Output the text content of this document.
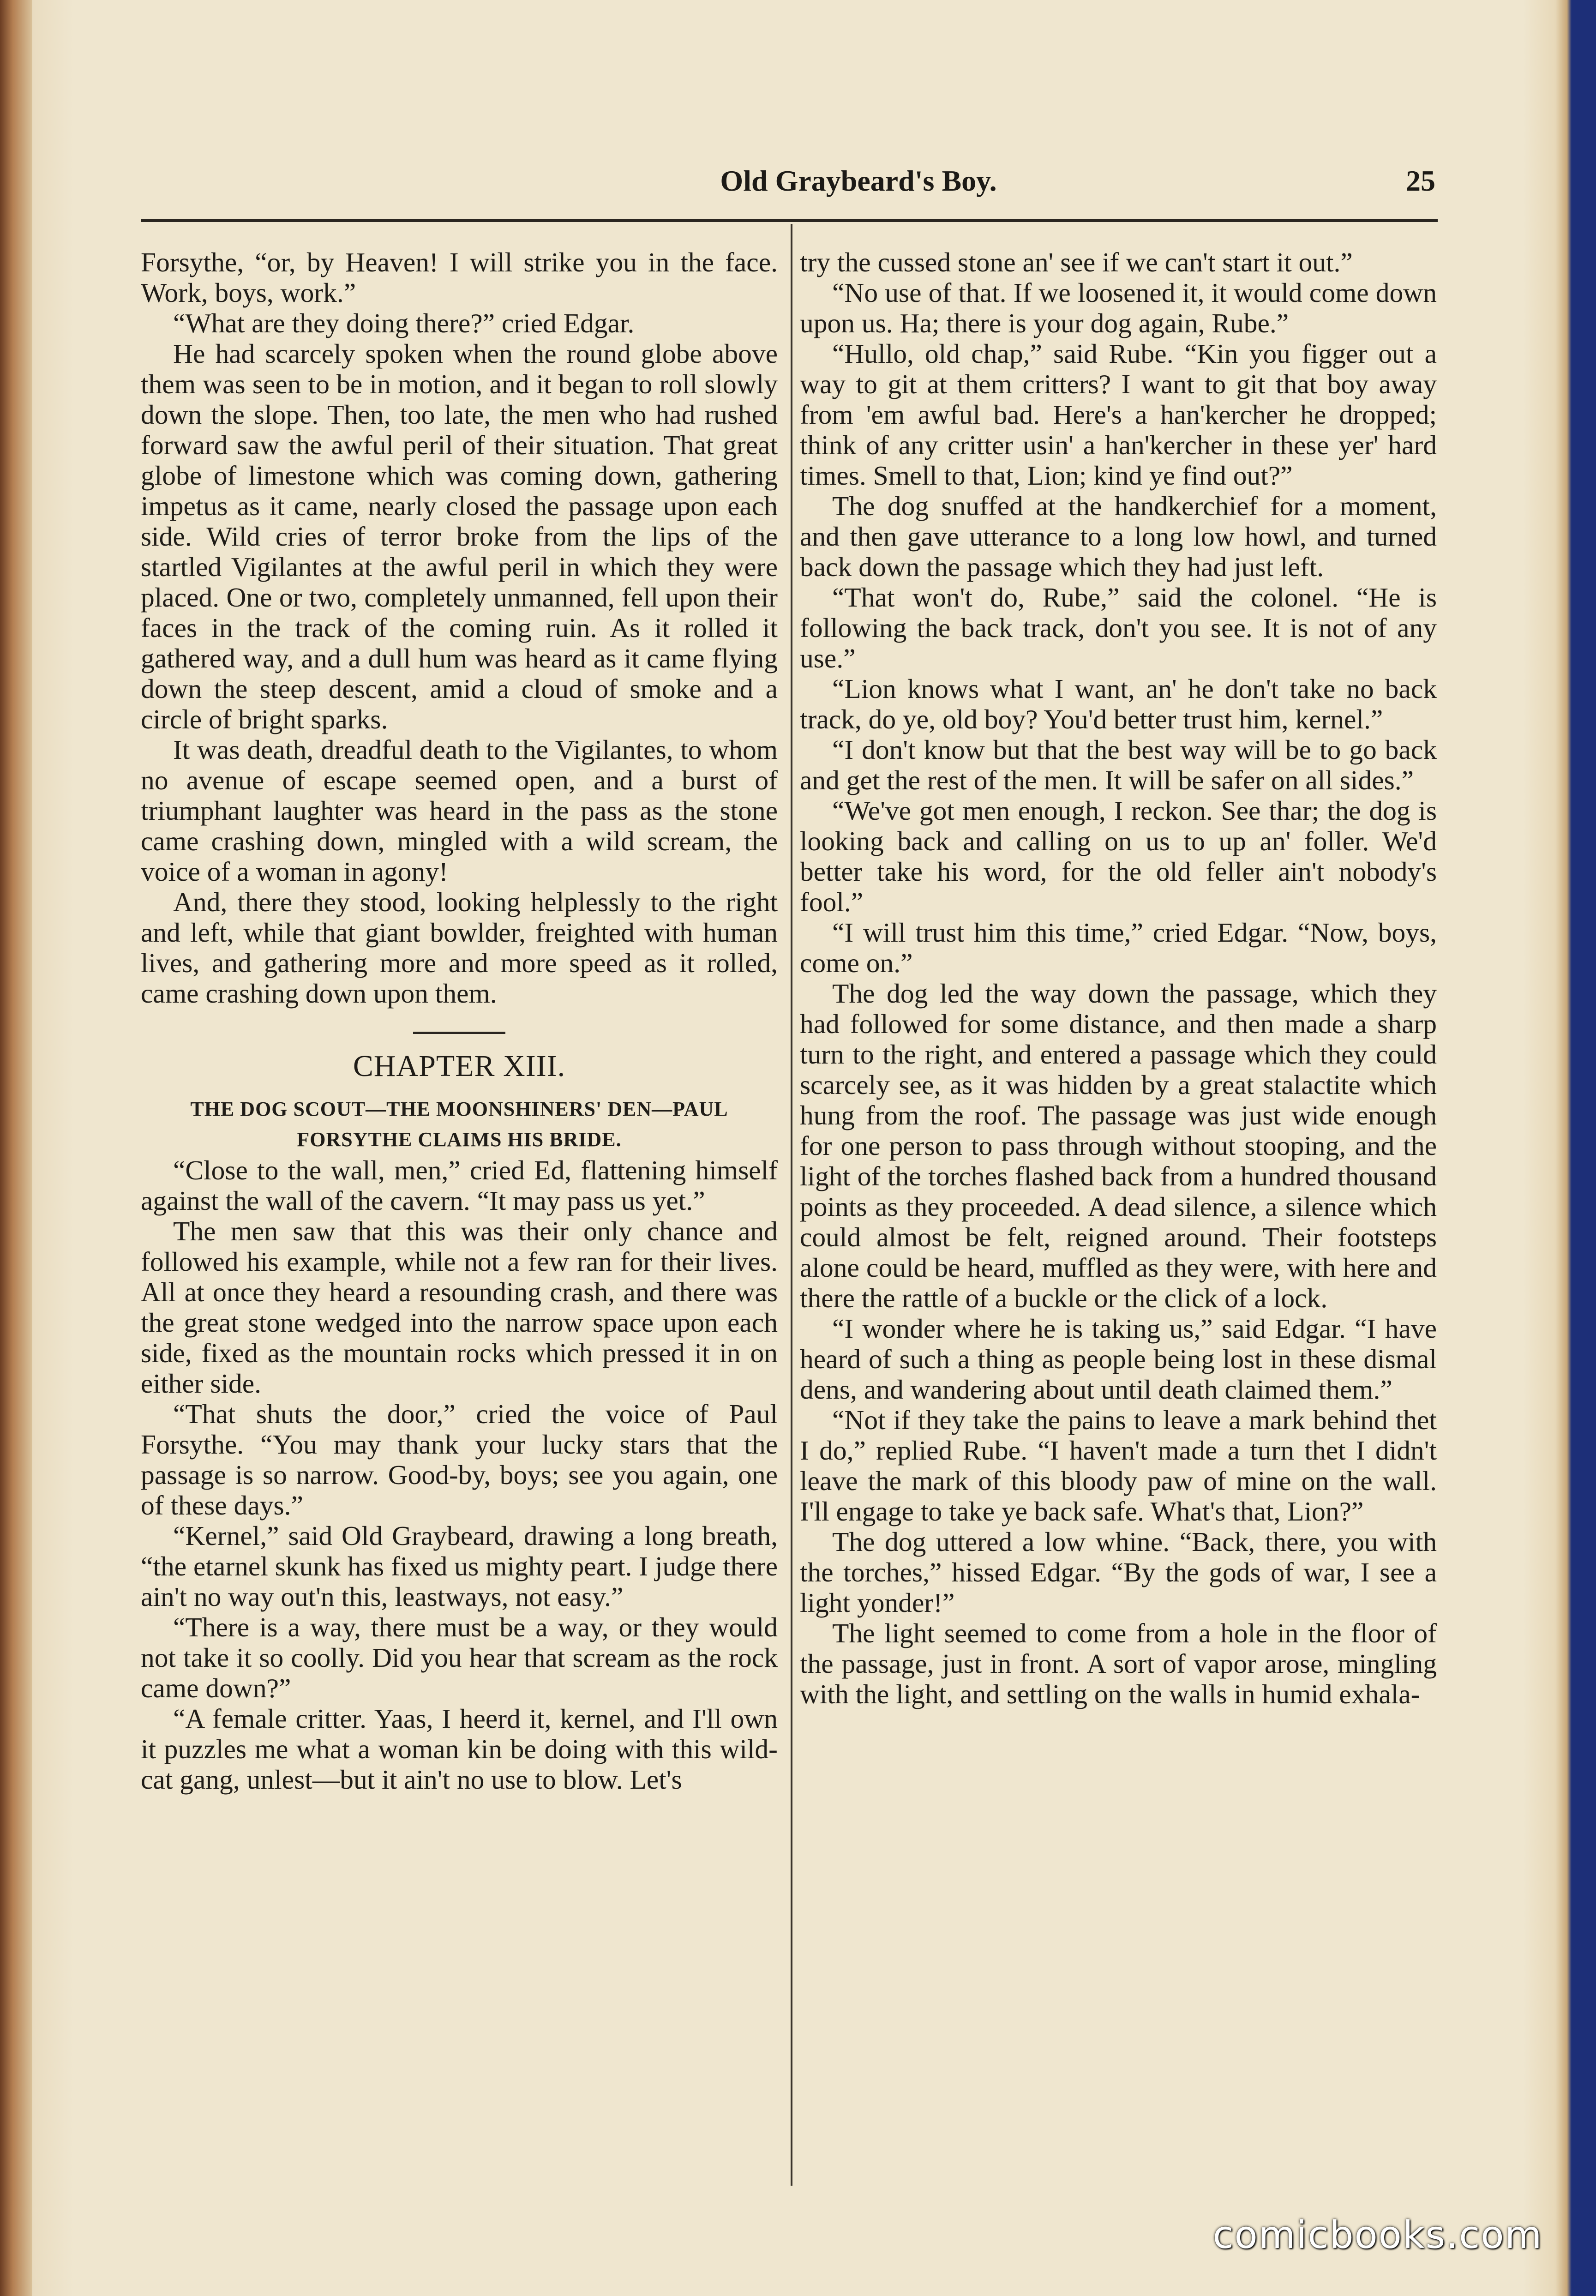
Old Graybeard's Boy.	25

Forsythe, “or, by Heaven! I will strike you in the face. Work, boys, work.”

“What are they doing there?” cried Edgar.

He had scarcely spoken when the round globe above them was seen to be in motion, and it began to roll slowly down the slope. Then, too late, the men who had rushed forward saw the awful peril of their situation. That great globe of limestone which was coming down, gathering impetus as it came, nearly closed the passage upon each side. Wild cries of terror broke from the lips of the startled Vigilantes at the awful peril in which they were placed. One or two, completely unmanned, fell upon their faces in the track of the coming ruin. As it rolled it gathered way, and a dull hum was heard as it came flying down the steep descent, amid a cloud of smoke and a circle of bright sparks.

It was death, dreadful death to the Vigilantes, to whom no avenue of escape seemed open, and a burst of triumphant laughter was heard in the pass as the stone came crashing down, mingled with a wild scream, the voice of a woman in agony!

And, there they stood, looking helplessly to the right and left, while that giant bowlder, freighted with human lives, and gathering more and more speed as it rolled, came crashing down upon them.

CHAPTER XIII.
THE DOG SCOUT—THE MOONSHINERS' DEN—PAUL FORSYTHE CLAIMS HIS BRIDE.

“Close to the wall, men,” cried Ed, flattening himself against the wall of the cavern. “It may pass us yet.”

The men saw that this was their only chance and followed his example, while not a few ran for their lives. All at once they heard a resounding crash, and there was the great stone wedged into the narrow space upon each side, fixed as the mountain rocks which pressed it in on either side.

“That shuts the door,” cried the voice of Paul Forsythe. “You may thank your lucky stars that the passage is so narrow. Good-by, boys; see you again, one of these days.”

“Kernel,” said Old Graybeard, drawing a long breath, “the etarnel skunk has fixed us mighty peart. I judge there ain't no way out'n this, leastways, not easy.”

“There is a way, there must be a way, or they would not take it so coolly. Did you hear that scream as the rock came down?”

“A female critter. Yaas, I heerd it, kernel, and I'll own it puzzles me what a woman kin be doing with this wild-cat gang, unlest—but it ain't no use to blow. Let's

try the cussed stone an' see if we can't start it out.”

“No use of that. If we loosened it, it would come down upon us. Ha; there is your dog again, Rube.”

“Hullo, old chap,” said Rube. “Kin you figger out a way to git at them critters? I want to git that boy away from 'em awful bad. Here's a han'kercher he dropped; think of any critter usin' a han'kercher in these yer' hard times. Smell to that, Lion; kind ye find out?”

The dog snuffed at the handkerchief for a moment, and then gave utterance to a long low howl, and turned back down the passage which they had just left.

“That won't do, Rube,” said the colonel. “He is following the back track, don't you see. It is not of any use.”

“Lion knows what I want, an' he don't take no back track, do ye, old boy? You'd better trust him, kernel.”

“I don't know but that the best way will be to go back and get the rest of the men. It will be safer on all sides.”

“We've got men enough, I reckon. See thar; the dog is looking back and calling on us to up an' foller. We'd better take his word, for the old feller ain't nobody's fool.”

“I will trust him this time,” cried Edgar. “Now, boys, come on.”

The dog led the way down the passage, which they had followed for some distance, and then made a sharp turn to the right, and entered a passage which they could scarcely see, as it was hidden by a great stalactite which hung from the roof. The passage was just wide enough for one person to pass through without stooping, and the light of the torches flashed back from a hundred thousand points as they proceeded. A dead silence, a silence which could almost be felt, reigned around. Their footsteps alone could be heard, muffled as they were, with here and there the rattle of a buckle or the click of a lock.

“I wonder where he is taking us,” said Edgar. “I have heard of such a thing as people being lost in these dismal dens, and wandering about until death claimed them.”

“Not if they take the pains to leave a mark behind thet I do,” replied Rube. “I haven't made a turn thet I didn't leave the mark of this bloody paw of mine on the wall. I'll engage to take ye back safe. What's that, Lion?”

The dog uttered a low whine. “Back, there, you with the torches,” hissed Edgar. “By the gods of war, I see a light yonder!”

The light seemed to come from a hole in the floor of the passage, just in front. A sort of vapor arose, mingling with the light, and settling on the walls in humid exhala-

comicbooks.com
